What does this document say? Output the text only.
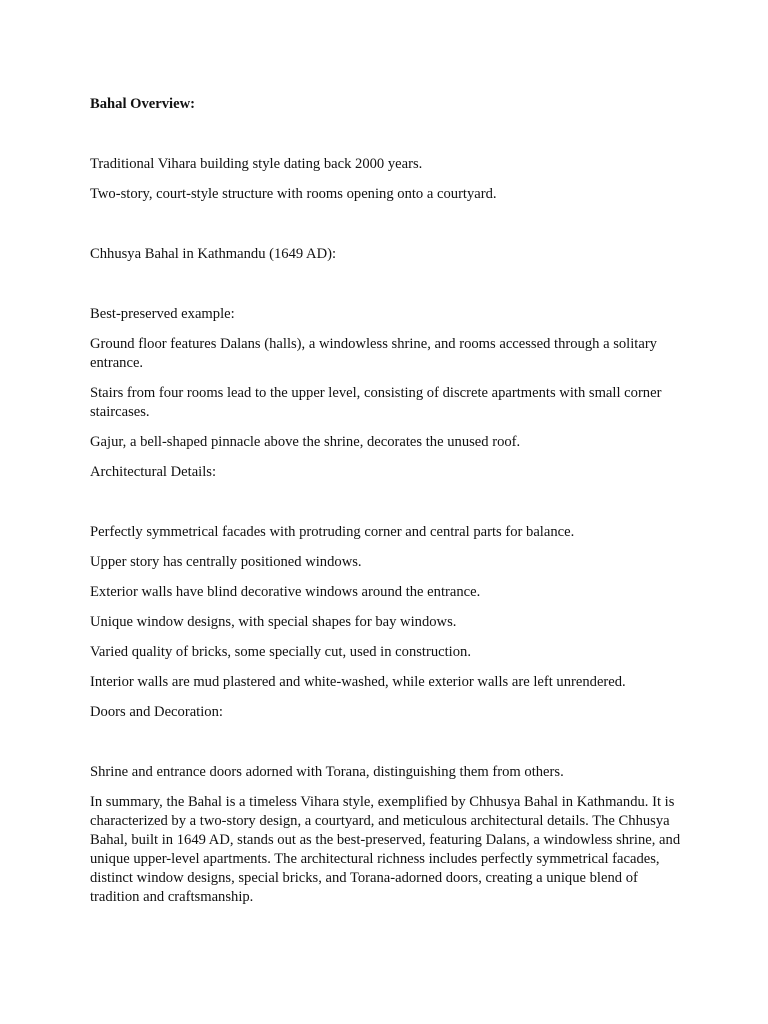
Bahal Overview:

Traditional Vihara building style dating back 2000 years.

Two-story, court-style structure with rooms opening onto a courtyard.

Chhusya Bahal in Kathmandu (1649 AD):

Best-preserved example:

Ground floor features Dalans (halls), a windowless shrine, and rooms accessed through a solitary entrance.

Stairs from four rooms lead to the upper level, consisting of discrete apartments with small corner staircases.

Gajur, a bell-shaped pinnacle above the shrine, decorates the unused roof.

Architectural Details:

Perfectly symmetrical facades with protruding corner and central parts for balance.

Upper story has centrally positioned windows.

Exterior walls have blind decorative windows around the entrance.

Unique window designs, with special shapes for bay windows.

Varied quality of bricks, some specially cut, used in construction.

Interior walls are mud plastered and white-washed, while exterior walls are left unrendered.

Doors and Decoration:

Shrine and entrance doors adorned with Torana, distinguishing them from others.

In summary, the Bahal is a timeless Vihara style, exemplified by Chhusya Bahal in Kathmandu. It is characterized by a two-story design, a courtyard, and meticulous architectural details. The Chhusya Bahal, built in 1649 AD, stands out as the best-preserved, featuring Dalans, a windowless shrine, and unique upper-level apartments. The architectural richness includes perfectly symmetrical facades, distinct window designs, special bricks, and Torana-adorned doors, creating a unique blend of tradition and craftsmanship.
